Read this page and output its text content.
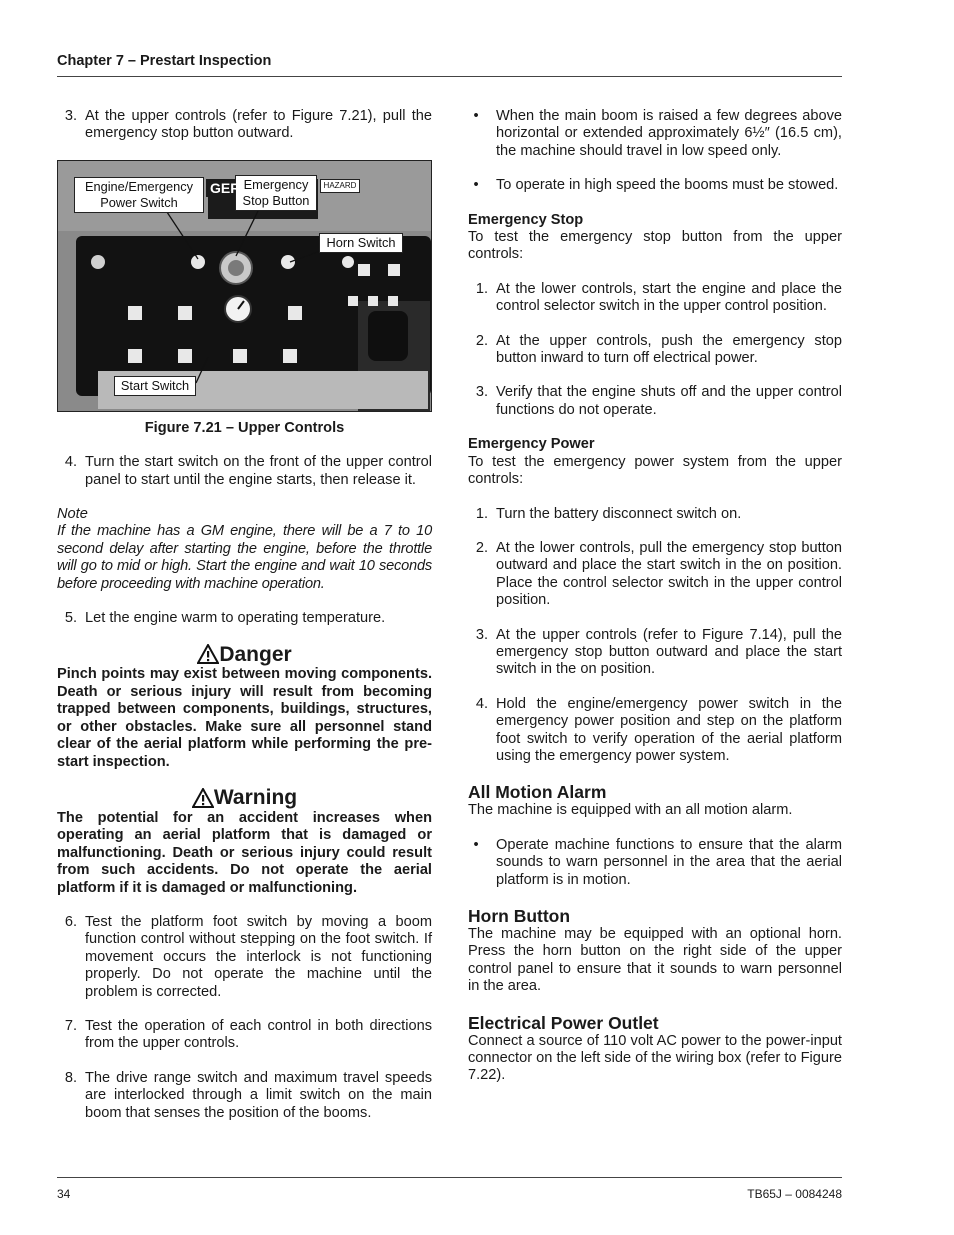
Chapter 7 – Prestart Inspection
3. At the upper controls (refer to Figure 7.21), pull the emergency stop button outward.
Engine/Emergency Power Switch
Emergency Stop Button
HAZARD
GER
Horn Switch
Start Switch
Figure 7.21 – Upper Controls
4. Turn the start switch on the front of the upper control panel to start until the engine starts, then release it.
Note
If the machine has a GM engine, there will be a 7 to 10 second delay after starting the engine, before the throttle will go to mid or high. Start the engine and wait 10 seconds before proceeding with machine operation.
5. Let the engine warm to operating temperature.
Danger
Pinch points may exist between moving components. Death or serious injury will result from becoming trapped between components, buildings, structures, or other obstacles. Make sure all personnel stand clear of the aerial platform while performing the pre-start inspection.
Warning
The potential for an accident increases when operating an aerial platform that is damaged or malfunctioning. Death or serious injury could result from such accidents. Do not operate the aerial platform if it is damaged or malfunctioning.
6. Test the platform foot switch by moving a boom function control without stepping on the foot switch. If movement occurs the interlock is not functioning properly. Do not operate the machine until the problem is corrected.
7. Test the operation of each control in both directions from the upper controls.
8. The drive range switch and maximum travel speeds are interlocked through a limit switch on the main boom that senses the position of the booms.
•	When the main boom is raised a few degrees above horizontal or extended approximately 6½″ (16.5 cm), the machine should travel in low speed only.
•	To operate in high speed the booms must be stowed.
Emergency Stop
To test the emergency stop button from the upper controls:
1. At the lower controls, start the engine and place the control selector switch in the upper control position.
2. At the upper controls, push the emergency stop button inward to turn off electrical power.
3. Verify that the engine shuts off and the upper control functions do not operate.
Emergency Power
To test the emergency power system from the upper controls:
1. Turn the battery disconnect switch on.
2. At the lower controls, pull the emergency stop button outward and place the start switch in the on position. Place the control selector switch in the upper control position.
3. At the upper controls (refer to Figure 7.14), pull the emergency stop button outward and place the start switch in the on position.
4. Hold the engine/emergency power switch in the emergency power position and step on the platform foot switch to verify operation of the aerial platform using the emergency power system.
All Motion Alarm
The machine is equipped with an all motion alarm.
•	Operate machine functions to ensure that the alarm sounds to warn personnel in the area that the aerial platform is in motion.
Horn Button
The machine may be equipped with an optional horn. Press the horn button on the right side of the upper control panel to ensure that it sounds to warn personnel in the area.
Electrical Power Outlet
Connect a source of 110 volt AC power to the power-input connector on the left side of the wiring box (refer to Figure 7.22).
34	TB65J – 0084248
